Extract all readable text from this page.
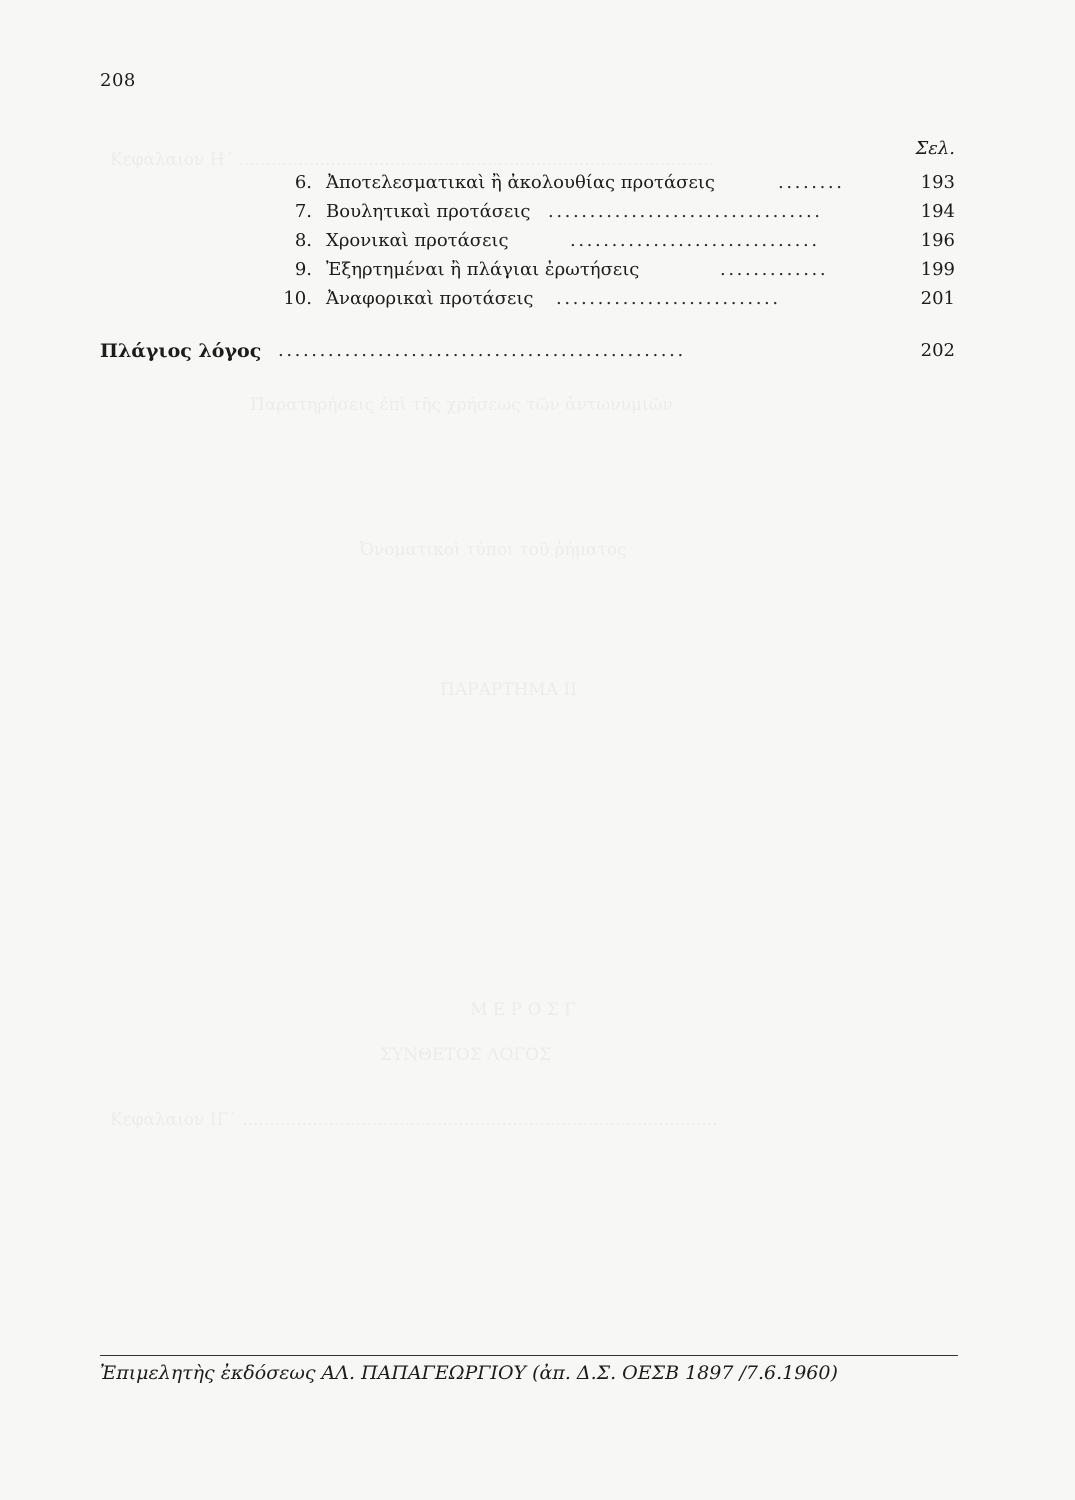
208
Σελ.
6. Ἀποτελεσματικαὶ ἢ ἀκολουθίας προτάσεις	........	193
7. Βουλητικαὶ προτάσεις .................................	194
8. Χρονικαὶ προτάσεις	..............................	196
9. Ἐξηρτημέναι ἢ πλάγιαι ἐρωτήσεις	.............	199
10. Ἀναφορικαὶ προτάσεις ...........................	201
Πλάγιος λόγος .................................................	202
Ἐπιμελητὴς ἐκδόσεως ΑΛ. ΠΑΠΑΓΕΩΡΓΙΟΥ (ἀπ. Δ.Σ. ΟΕΣΒ 1897 /7.6.1960)
